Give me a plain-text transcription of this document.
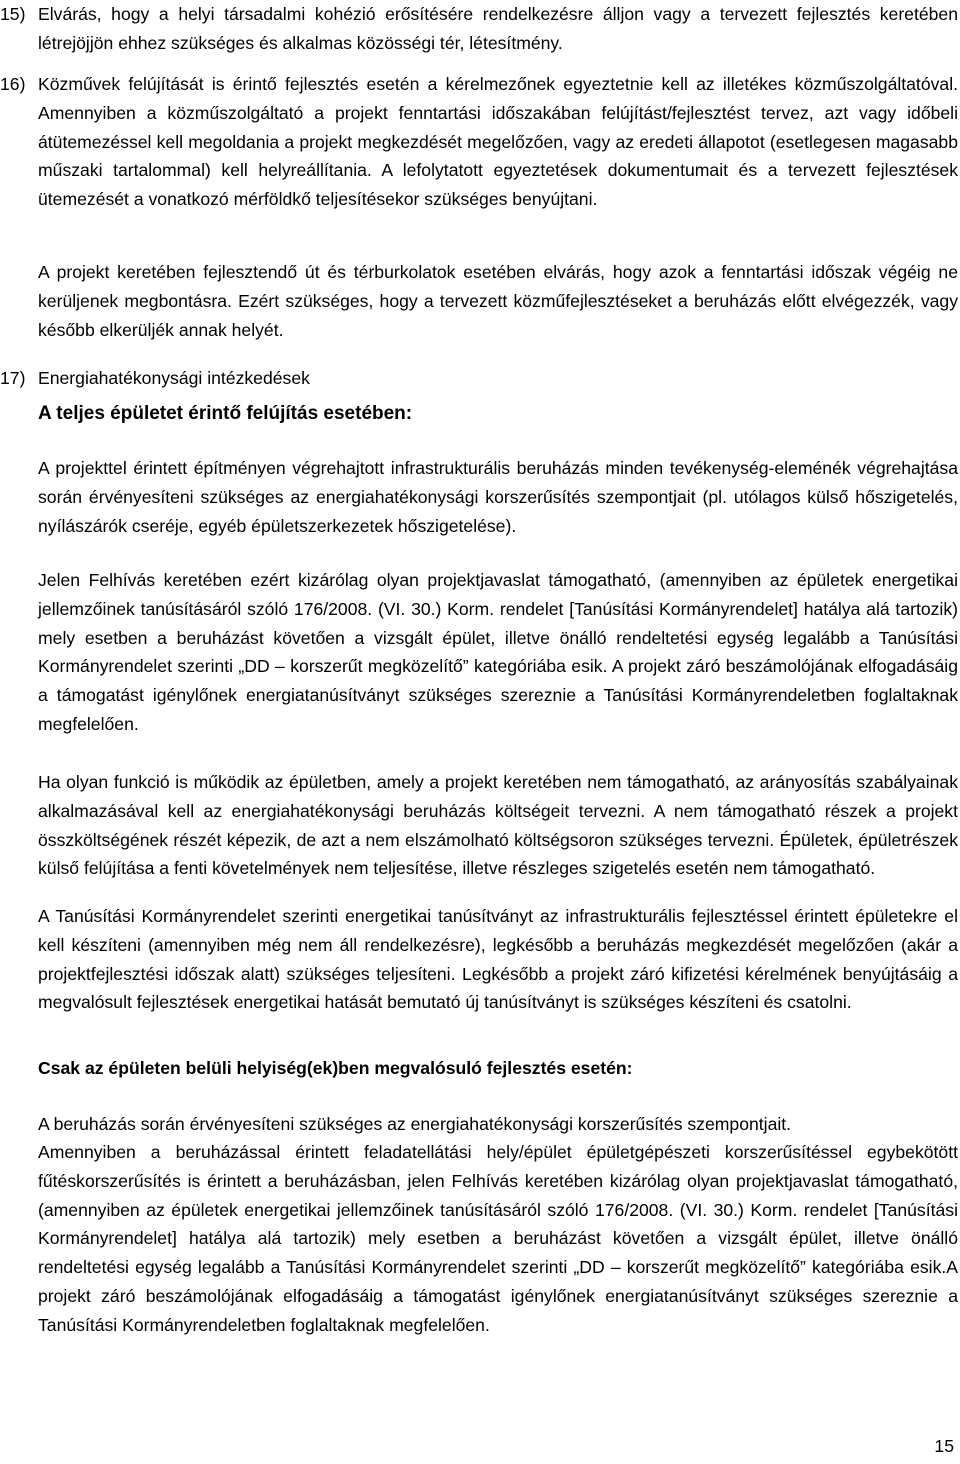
15) Elvárás, hogy a helyi társadalmi kohézió erősítésére rendelkezésre álljon vagy a tervezett fejlesztés keretében létrejöjjön ehhez szükséges és alkalmas közösségi tér, létesítmény.
16) Közművek felújítását is érintő fejlesztés esetén a kérelmezőnek egyeztetnie kell az illetékes közműszolgáltatóval. Amennyiben a közműszolgáltató a projekt fenntartási időszakában felújítást/fejlesztést tervez, azt vagy időbeli átütemezéssel kell megoldania a projekt megkezdését megelőzően, vagy az eredeti állapotot (esetlegesen magasabb műszaki tartalommal) kell helyreállítania. A lefolytatott egyeztetések dokumentumait és a tervezett fejlesztések ütemezését a vonatkozó mérföldkő teljesítésekor szükséges benyújtani.
A projekt keretében fejlesztendő út és térburkolatok esetében elvárás, hogy azok a fenntartási időszak végéig ne kerüljenek megbontásra. Ezért szükséges, hogy a tervezett közműfejlesztéseket a beruházás előtt elvégezzék, vagy később elkerüljék annak helyét.
17) Energiahatékonysági intézkedések
A teljes épületet érintő felújítás esetében:
A projekttel érintett építményen végrehajtott infrastrukturális beruházás minden tevékenység-eleménék végrehajtása során érvényesíteni szükséges az energiahatékonysági korszerűsítés szempontjait (pl. utólagos külső hőszigetelés, nyílászárók cseréje, egyéb épületszerkezetek hőszigetelése).
Jelen Felhívás keretében ezért kizárólag olyan projektjavaslat támogatható, (amennyiben az épületek energetikai jellemzőinek tanúsításáról szóló 176/2008. (VI. 30.) Korm. rendelet [Tanúsítási Kormányrendelet] hatálya alá tartozik) mely esetben a beruházást követően a vizsgált épület, illetve önálló rendeltetési egység legalább a Tanúsítási Kormányrendelet szerinti „DD – korszerűt megközelítő” kategóriába esik. A projekt záró beszámolójának elfogadásáig a támogatást igénylőnek energiatanúsítványt szükséges szereznie a Tanúsítási Kormányrendeletben foglaltaknak megfelelően.
Ha olyan funkció is működik az épületben, amely a projekt keretében nem támogatható, az arányosítás szabályainak alkalmazásával kell az energiahatékonysági beruházás költségeit tervezni. A nem támogatható részek a projekt összköltségének részét képezik, de azt a nem elszámolható költségsoron szükséges tervezni. Épületek, épületrészek külső felújítása a fenti követelmények nem teljesítése, illetve részleges szigetelés esetén nem támogatható.
A Tanúsítási Kormányrendelet szerinti energetikai tanúsítványt az infrastrukturális fejlesztéssel érintett épületekre el kell készíteni (amennyiben még nem áll rendelkezésre), legkésőbb a beruházás megkezdését megelőzően (akár a projektfejlesztési időszak alatt) szükséges teljesíteni. Legkésőbb a projekt záró kifizetési kérelmének benyújtásáig a megvalósult fejlesztések energetikai hatását bemutató új tanúsítványt is szükséges készíteni és csatolni.
Csak az épületen belüli helyiség(ek)ben megvalósuló fejlesztés esetén:
A beruházás során érvényesíteni szükséges az energiahatékonysági korszerűsítés szempontjait.
Amennyiben a beruházással érintett feladatellátási hely/épület épületgépészeti korszerűsítéssel egybekötött fűtéskorszerűsítés is érintett a beruházásban, jelen Felhívás keretében kizárólag olyan projektjavaslat támogatható, (amennyiben az épületek energetikai jellemzőinek tanúsításáról szóló 176/2008. (VI. 30.) Korm. rendelet [Tanúsítási Kormányrendelet] hatálya alá tartozik) mely esetben a beruházást követően a vizsgált épület, illetve önálló rendeltetési egység legalább a Tanúsítási Kormányrendelet szerinti „DD – korszerűt megközelítő” kategóriába esik.A projekt záró beszámolójának elfogadásáig a támogatást igénylőnek energiatanúsítványt szükséges szereznie a Tanúsítási Kormányrendeletben foglaltaknak megfelelően.
15
